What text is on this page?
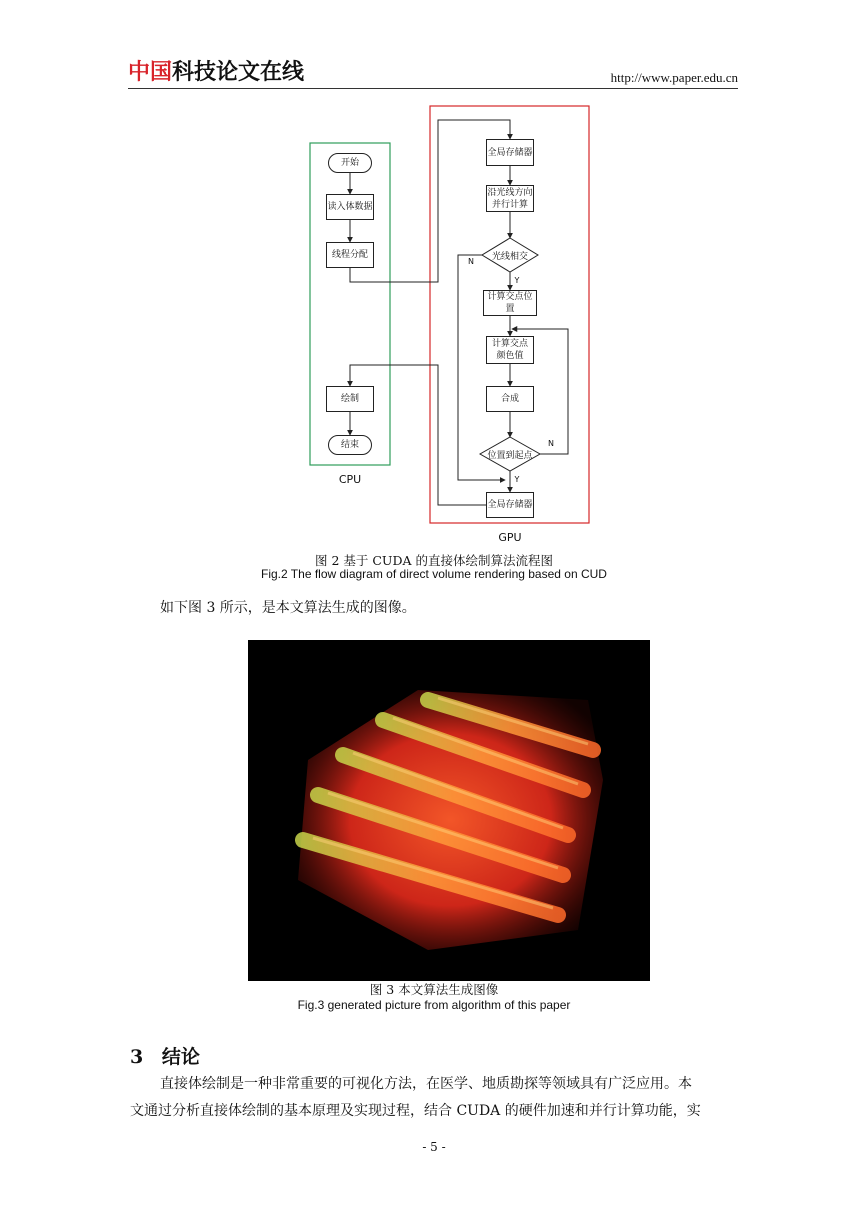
中国科技论文在线	http://www.paper.edu.cn
开始
读入体数据
线程分配
绘制
结束
CPU
全局存储器
沿光线方向
并行计算
光线相交
计算交点位置
计算交点
颜色值
合成
位置到起点
全局存储器
N
Y
N
Y
GPU
图 2 基于 CUDA 的直接体绘制算法流程图
Fig.2 The flow diagram of direct volume rendering based on CUD
如下图 3 所示，是本文算法生成的图像。
图 3 本文算法生成图像
Fig.3 generated picture from algorithm of this paper
3 结论
直接体绘制是一种非常重要的可视化方法，在医学、地质勘探等领域具有广泛应用。本
文通过分析直接体绘制的基本原理及实现过程，结合 CUDA 的硬件加速和并行计算功能，实
- 5 -
